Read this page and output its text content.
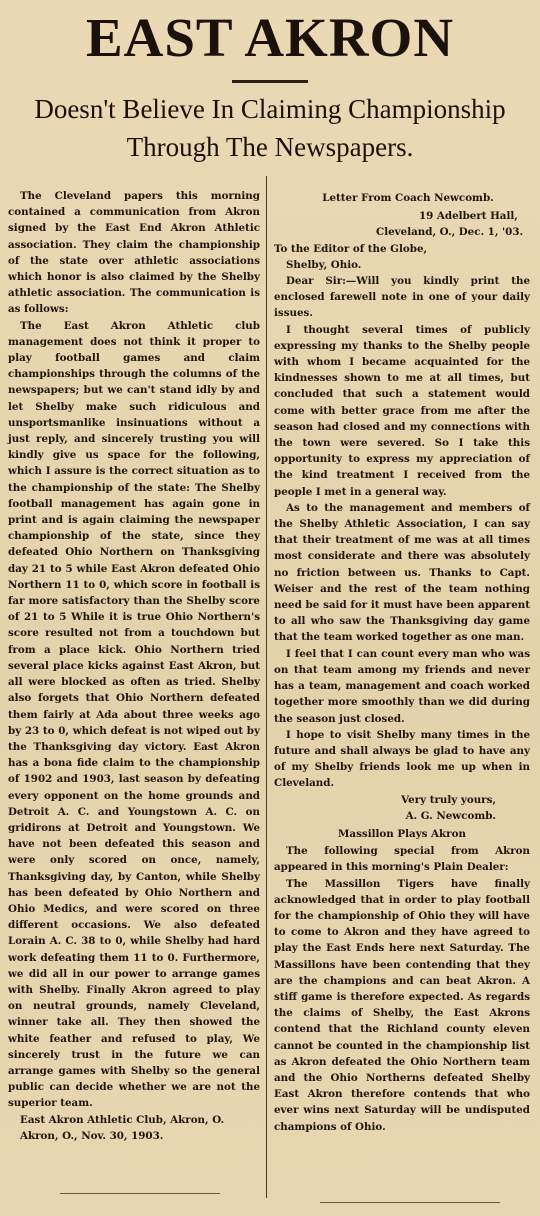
EAST AKRON
Doesn't Believe In Claiming Championship
Through The Newspapers.

The Cleveland papers this morning contained a communication from Akron signed by the East End Akron Athletic association. They claim the championship of the state over athletic associations which honor is also claimed by the Shelby athletic association. The communication is as follows:

The East Akron Athletic club management does not think it proper to play football games and claim championships through the columns of the newspapers; but we can't stand idly by and let Shelby make such ridiculous and unsportsmanlike insinuations without a just reply, and sincerely trusting you will kindly give us space for the following, which I assure is the correct situation as to the championship of the state: The Shelby football management has again gone in print and is again claiming the newspaper championship of the state, since they defeated Ohio Northern on Thanksgiving day 21 to 5 while East Akron defeated Ohio Northern 11 to 0, which score in football is far more satisfactory than the Shelby score of 21 to 5 While it is true Ohio Northern's score resulted not from a touchdown but from a place kick. Ohio Northern tried several place kicks against East Akron, but all were blocked as often as tried. Shelby also forgets that Ohio Northern defeated them fairly at Ada about three weeks ago by 23 to 0, which defeat is not wiped out by the Thanksgiving day victory. East Akron has a bona fide claim to the championship of 1902 and 1903, last season by defeating every opponent on the home grounds and Detroit A. C. and Youngstown A. C. on gridirons at Detroit and Youngstown. We have not been defeated this season and were only scored on once, namely, Thanksgiving day, by Canton, while Shelby has been defeated by Ohio Northern and Ohio Medics, and were scored on three different occasions. We also defeated Lorain A. C. 38 to 0, while Shelby had hard work defeating them 11 to 0. Furthermore, we did all in our power to arrange games with Shelby. Finally Akron agreed to play on neutral grounds, namely Cleveland, winner take all. They then showed the white feather and refused to play, We sincerely trust in the future we can arrange games with Shelby so the general public can decide whether we are not the superior team.

East Akron Athletic Club, Akron, O.

Akron, O., Nov. 30, 1903.

Letter From Coach Newcomb.

19 Adelbert Hall,

Cleveland, O., Dec. 1, '03.

To the Editor of the Globe,

Shelby, Ohio.

Dear Sir:—Will you kindly print the enclosed farewell note in one of your daily issues.

I thought several times of publicly expressing my thanks to the Shelby people with whom I became acquainted for the kindnesses shown to me at all times, but concluded that such a statement would come with better grace from me after the season had closed and my connections with the town were severed. So I take this opportunity to express my appreciation of the kind treatment I received from the people I met in a general way.

As to the management and members of the Shelby Athletic Association, I can say that their treatment of me was at all times most considerate and there was absolutely no friction between us. Thanks to Capt. Weiser and the rest of the team nothing need be said for it must have been apparent to all who saw the Thanksgiving day game that the team worked together as one man.

I feel that I can count every man who was on that team among my friends and never has a team, management and coach worked together more smoothly than we did during the season just closed.

I hope to visit Shelby many times in the future and shall always be glad to have any of my Shelby friends look me up when in Cleveland.

Very truly yours,

A. G. Newcomb.

Massillon Plays Akron

The following special from Akron appeared in this morning's Plain Dealer:

The Massillon Tigers have finally acknowledged that in order to play football for the championship of Ohio they will have to come to Akron and they have agreed to play the East Ends here next Saturday. The Massillons have been contending that they are the champions and can beat Akron. A stiff game is therefore expected. As regards the claims of Shelby, the East Akrons contend that the Richland county eleven cannot be counted in the championship list as Akron defeated the Ohio Northern team and the Ohio Northerns defeated Shelby East Akron therefore contends that who ever wins next Saturday will be undisputed champions of Ohio.
